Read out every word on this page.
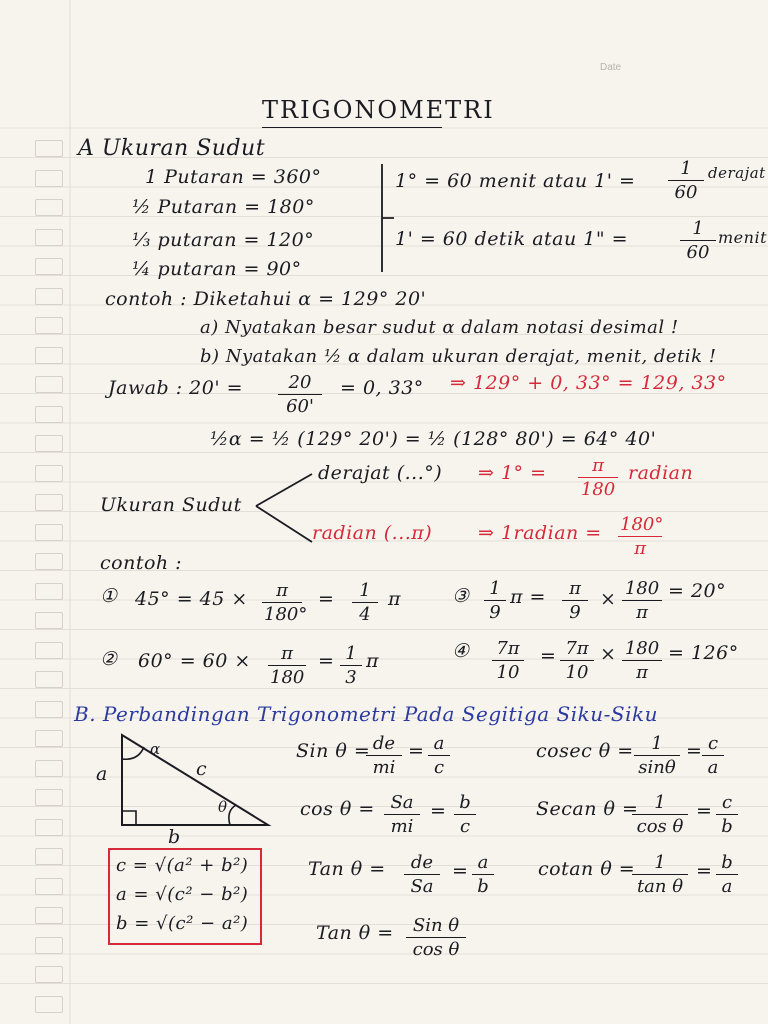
Date
TRIGONOMETRI
A Ukuran Sudut
1 Putaran = 360°
½ Putaran = 180°
⅓ putaran = 120°
¼ putaran = 90°
1° = 60 menit atau 1' =
1
60
derajat
1' = 60 detik atau 1" =	1
60
menit
contoh : Diketahui α = 129° 20'
a) Nyatakan besar sudut α dalam notasi desimal !
b) Nyatakan ½ α dalam ukuran derajat, menit, detik !
Jawab : 20' =	20
60'
= 0, 33° ⇒ 129° + 0, 33° = 129, 33°
½α = ½ (129° 20') = ½ (128° 80') = 64° 40'
Ukuran Sudut
derajat (...°) ⇒ 1° =	π
180
radian
radian (...π) ⇒ 1radian = 180°
π
contoh :
① 45° = 45 ×	π
180°
=	1
4
π
② 60° = 60 ×	π
180
= 1
3
π
③ 1
9
π =	π
9
× 180
π
= 20°
④ 7π
10
= 7π
10
× 180
π
= 126°
B. Perbandingan Trigonometri Pada Segitiga Siku-Siku
a
b
c
α
θ
Sin θ = de
mi
= a
c
cos θ = Sa
mi
= b
c
Tan θ =	de
Sa
= a
b
Tan θ =	Sin θ
cos θ
cosec θ = 1
sinθ
= c
a
Secan θ = 1
cos θ
= c
b
cotan θ =	1
tan θ
= b
a
c = √(a² + b²)
a = √(c² − b²)
b = √(c² − a²)
